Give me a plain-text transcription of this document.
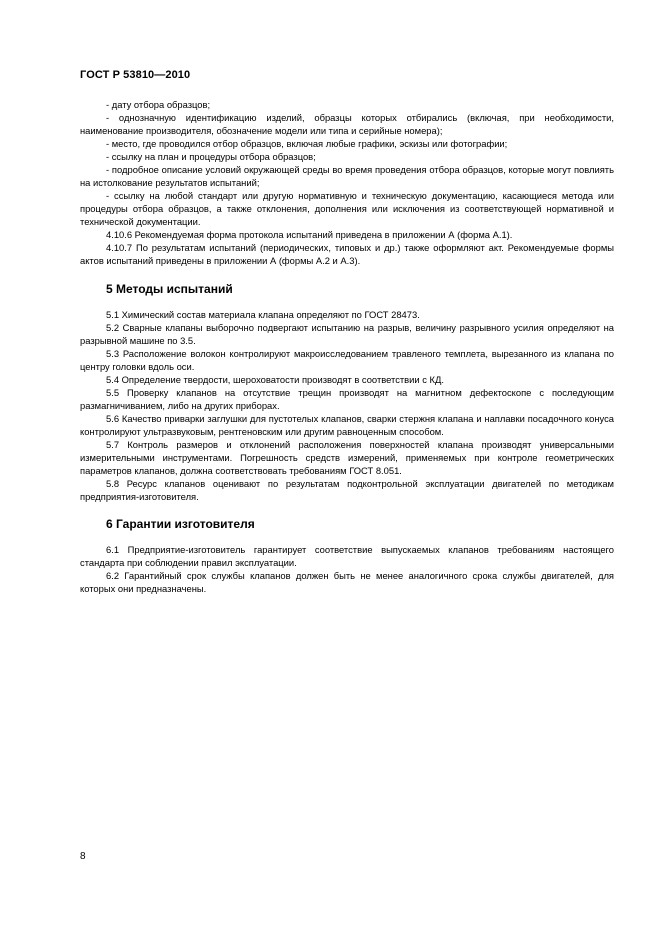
ГОСТ Р 53810—2010

- дату отбора образцов;

- однозначную идентификацию изделий, образцы которых отбирались (включая, при необходимости, наименование производителя, обозначение модели или типа и серийные номера);

- место, где проводился отбор образцов, включая любые графики, эскизы или фотографии;

- ссылку на план и процедуры отбора образцов;

- подробное описание условий окружающей среды во время проведения отбора образцов, которые могут повлиять на истолкование результатов испытаний;

- ссылку на любой стандарт или другую нормативную и техническую документацию, касающиеся метода или процедуры отбора образцов, а также отклонения, дополнения или исключения из соответствующей нормативной и технической документации.

4.10.6 Рекомендуемая форма протокола испытаний приведена в приложении А (форма А.1).

4.10.7 По результатам испытаний (периодических, типовых и др.) также оформляют акт. Рекомендуемые формы актов испытаний приведены в приложении А (формы А.2 и А.3).

5 Методы испытаний

5.1 Химический состав материала клапана определяют по ГОСТ 28473.

5.2 Сварные клапаны выборочно подвергают испытанию на разрыв, величину разрывного усилия определяют на разрывной машине по 3.5.

5.3 Расположение волокон контролируют макроисследованием травленого темплета, вырезанного из клапана по центру головки вдоль оси.

5.4 Определение твердости, шероховатости производят в соответствии с КД.

5.5 Проверку клапанов на отсутствие трещин производят на магнитном дефектоскопе с последующим размагничиванием, либо на других приборах.

5.6 Качество приварки заглушки для пустотелых клапанов, сварки стержня клапана и наплавки посадочного конуса контролируют ультразвуковым, рентгеновским или другим равноценным способом.

5.7 Контроль размеров и отклонений расположения поверхностей клапана производят универсальными измерительными инструментами. Погрешность средств измерений, применяемых при контроле геометрических параметров клапанов, должна соответствовать требованиям ГОСТ 8.051.

5.8 Ресурс клапанов оценивают по результатам подконтрольной эксплуатации двигателей по методикам предприятия-изготовителя.

6 Гарантии изготовителя

6.1 Предприятие-изготовитель гарантирует соответствие выпускаемых клапанов требованиям настоящего стандарта при соблюдении правил эксплуатации.

6.2 Гарантийный срок службы клапанов должен быть не менее аналогичного срока службы двигателей, для которых они предназначены.

8
